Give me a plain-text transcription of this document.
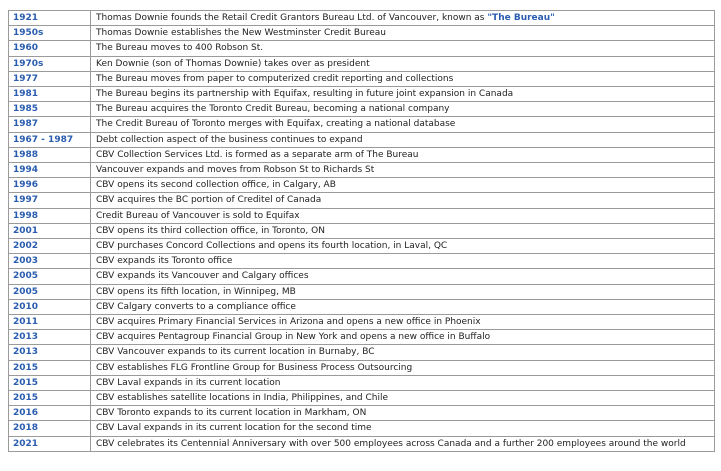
1921	Thomas Downie founds the Retail Credit Grantors Bureau Ltd. of Vancouver, known as "The Bureau"
1950s	Thomas Downie establishes the New Westminster Credit Bureau
1960	The Bureau moves to 400 Robson St.
1970s	Ken Downie (son of Thomas Downie) takes over as president
1977	The Bureau moves from paper to computerized credit reporting and collections
1981	The Bureau begins its partnership with Equifax, resulting in future joint expansion in Canada
1985	The Bureau acquires the Toronto Credit Bureau, becoming a national company
1987	The Credit Bureau of Toronto merges with Equifax, creating a national database
1967 - 1987	Debt collection aspect of the business continues to expand
1988	CBV Collection Services Ltd. is formed as a separate arm of The Bureau
1994	Vancouver expands and moves from Robson St to Richards St
1996	CBV opens its second collection office, in Calgary, AB
1997	CBV acquires the BC portion of Creditel of Canada
1998	Credit Bureau of Vancouver is sold to Equifax
2001	CBV opens its third collection office, in Toronto, ON
2002	CBV purchases Concord Collections and opens its fourth location, in Laval, QC
2003	CBV expands its Toronto office
2005	CBV expands its Vancouver and Calgary offices
2005	CBV opens its fifth location, in Winnipeg, MB
2010	CBV Calgary converts to a compliance office
2011	CBV acquires Primary Financial Services in Arizona and opens a new office in Phoenix
2013	CBV acquires Pentagroup Financial Group in New York and opens a new office in Buffalo
2013	CBV Vancouver expands to its current location in Burnaby, BC
2015	CBV establishes FLG Frontline Group for Business Process Outsourcing
2015	CBV Laval expands in its current location
2015	CBV establishes satellite locations in India, Philippines, and Chile
2016	CBV Toronto expands to its current location in Markham, ON
2018	CBV Laval expands in its current location for the second time
2021	CBV celebrates its Centennial Anniversary with over 500 employees across Canada and a further 200 employees around the world
